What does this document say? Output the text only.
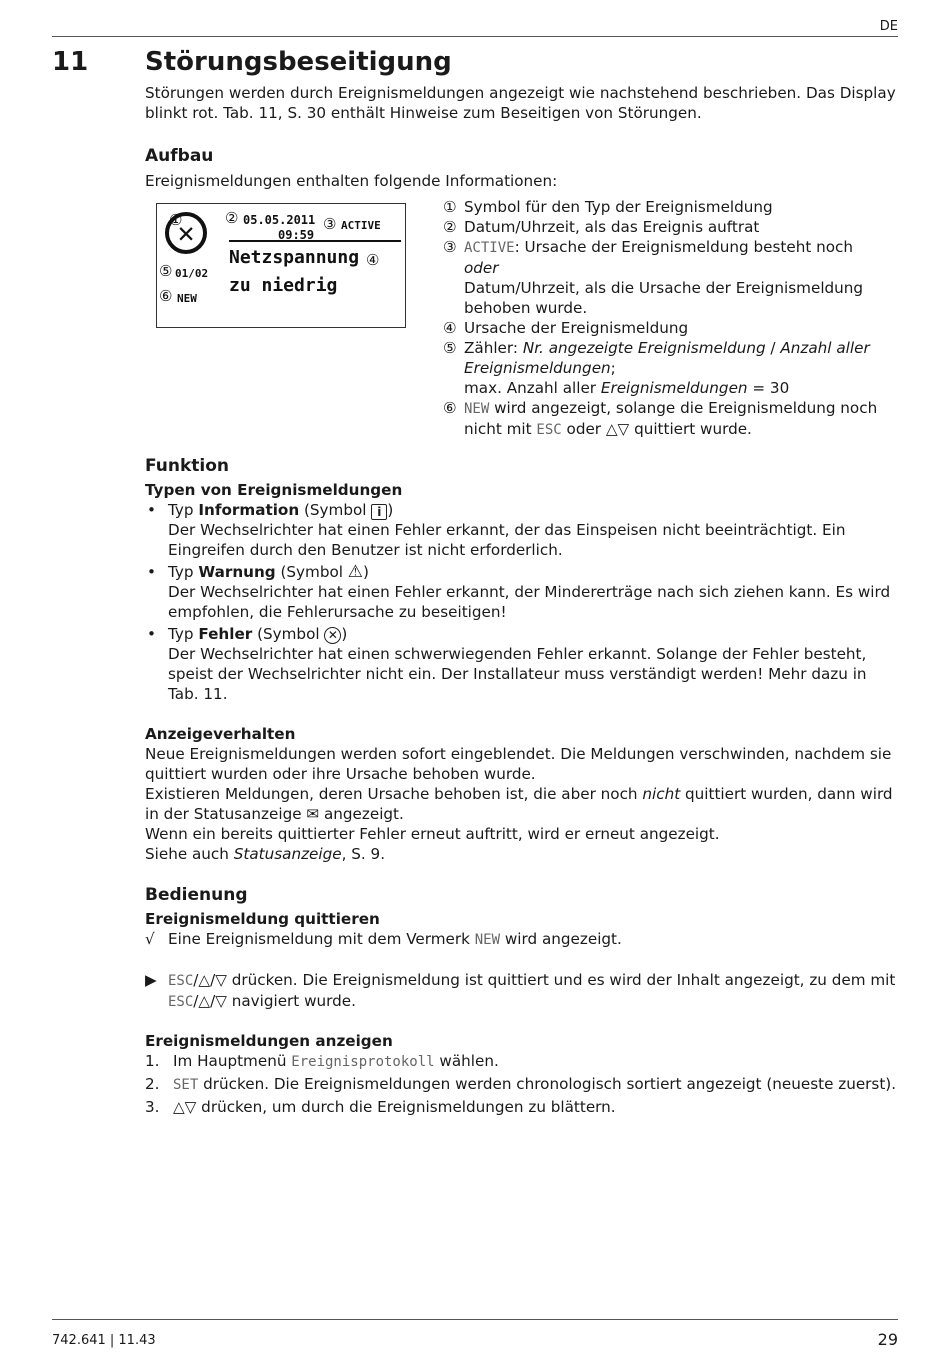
DE
11 Störungsbeseitigung

Störungen werden durch Ereignismeldungen angezeigt wie nachstehend beschrieben. Das Display blinkt rot. Tab. 11, S. 30 enthält Hinweise zum Beseitigen von Störungen.

Aufbau

Ereignismeldungen enthalten folgende Informationen:

✕
①	② 05.05.2011
09:59
③ ACTIVE
Netzspannung ④
⑤ 01/02
zu niedrig
⑥ NEW
① Symbol für den Typ der Ereignismeldung
② Datum/Uhrzeit, als das Ereignis auftrat
③ ACTIVE: Ursache der Ereignismeldung besteht noch
oder
Datum/Uhrzeit, als die Ursache der Ereignismeldung behoben wurde.
④ Ursache der Ereignismeldung
⑤ Zähler: Nr. angezeigte Ereignismeldung / Anzahl aller Ereignismeldungen;
max. Anzahl aller Ereignismeldungen = 30
⑥ NEW wird angezeigt, solange die Ereignismeldung noch nicht mit ESC oder △▽ quittiert wurde.
Funktion
Typen von Ereignismeldungen
• Typ Information (Symbol i )
Der Wechselrichter hat einen Fehler erkannt, der das Einspeisen nicht beeinträchtigt. Ein Eingreifen durch den Benutzer ist nicht erforderlich.
• Typ Warnung (Symbol ⚠)
Der Wechselrichter hat einen Fehler erkannt, der Mindererträge nach sich ziehen kann. Es wird empfohlen, die Fehlerursache zu beseitigen!
• Typ Fehler (Symbol ✕ )
Der Wechselrichter hat einen schwerwiegenden Fehler erkannt. Solange der Fehler besteht, speist der Wechselrichter nicht ein. Der Installateur muss verständigt werden! Mehr dazu in Tab. 11.
Anzeigeverhalten

Neue Ereignismeldungen werden sofort eingeblendet. Die Meldungen verschwinden, nachdem sie quittiert wurden oder ihre Ursache behoben wurde.

Existieren Meldungen, deren Ursache behoben ist, die aber noch nicht quittiert wurden, dann wird in der Statusanzeige ✉ angezeigt.

Wenn ein bereits quittierter Fehler erneut auftritt, wird er erneut angezeigt.

Siehe auch Statusanzeige, S. 9.

Bedienung
Ereignismeldung quittieren
√ Eine Ereignismeldung mit dem Vermerk NEW wird angezeigt.
▶ ESC/△/▽ drücken. Die Ereignismeldung ist quittiert und es wird der Inhalt angezeigt, zu dem mit ESC/△/▽ navigiert wurde.
Ereignismeldungen anzeigen
1. Im Hauptmenü Ereignisprotokoll wählen.
2. SET drücken. Die Ereignismeldungen werden chronologisch sortiert angezeigt (neueste zuerst).
3. △▽ drücken, um durch die Ereignismeldungen zu blättern.
742.641 | 11.43	29
